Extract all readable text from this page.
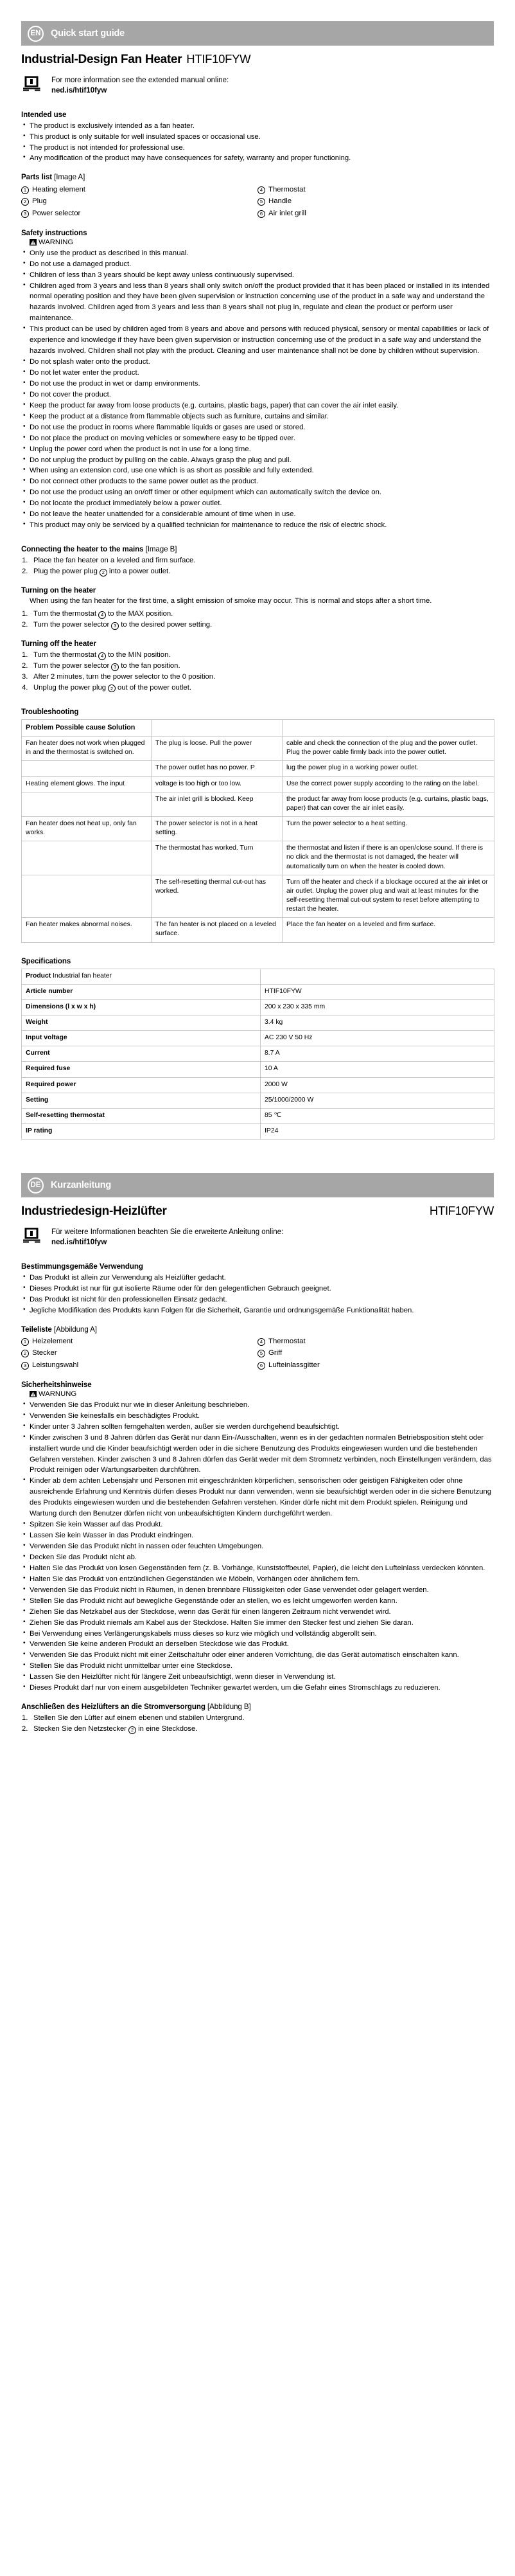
EN	Quick start guide
Industrial-Design Fan Heater HTIF10FYW
For more information see the extended manual online:
ned.is/htif10fyw
Intended use
• The product is exclusively intended as a fan heater.
• This product is only suitable for well insulated spaces or occasional use.
• The product is not intended for professional use.
• Any modification of the product may have consequences for safety, warranty and proper functioning.
Parts list [Image A]
1 Heating element	4 Thermostat
2 Plug	5 Handle
3 Power selector	6 Air inlet grill
Safety instructions
WARNING
• Only use the product as described in this manual.
• Do not use a damaged product.
• Children of less than 3 years should be kept away unless continuously supervised.
• Children aged from 3 years and less than 8 years shall only switch on/off the product provided that it has been placed or installed in its intended normal operating position and they have been given supervision or instruction concerning use of the product in a safe way and understand the hazards involved. Children aged from 3 years and less than 8 years shall not plug in, regulate and clean the product or perform user maintenance.
• This product can be used by children aged from 8 years and above and persons with reduced physical, sensory or mental capabilities or lack of experience and knowledge if they have been given supervision or instruction concerning use of the product in a safe way and understand the hazards involved. Children shall not play with the product. Cleaning and user maintenance shall not be done by children without supervision.
• Do not splash water onto the product.
• Do not let water enter the product.
• Do not use the product in wet or damp environments.
• Do not cover the product.
• Keep the product far away from loose products (e.g. curtains, plastic bags, paper) that can cover the air inlet easily.
• Keep the product at a distance from flammable objects such as furniture, curtains and similar.
• Do not use the product in rooms where flammable liquids or gases are used or stored.
• Do not place the product on moving vehicles or somewhere easy to be tipped over.
• Unplug the power cord when the product is not in use for a long time.
• Do not unplug the product by pulling on the cable. Always grasp the plug and pull.
• When using an extension cord, use one which is as short as possible and fully extended.
• Do not connect other products to the same power outlet as the product.
• Do not use the product using an on/off timer or other equipment which can automatically switch the device on.
• Do not locate the product immediately below a power outlet.
• Do not leave the heater unattended for a considerable amount of time when in use.
• This product may only be serviced by a qualified technician for maintenance to reduce the risk of electric shock.
Connecting the heater to the mains [Image B]
Place the fan heater on a leveled and firm surface.
Plug the power plug 2 into a power outlet.
Turning on the heater
When using the fan heater for the first time, a slight emission of smoke may occur. This is normal and stops after a short time.
Turn the thermostat 4 to the MAX position.
Turn the power selector 3 to the desired power setting.
Turning off the heater
Turn the thermostat 4 to the MIN position.
Turn the power selector 3 to the fan position.
After 2 minutes, turn the power selector to the 0 position.
Unplug the power plug 2 out of the power outlet.
Troubleshooting
Problem Possible cause Solution		
Fan heater does not work when plugged in and the thermostat is switched on.	The plug is loose. Pull the power	cable and check the connection of the plug and the power outlet. Plug the power cable firmly back into the power outlet.
	The power outlet has no power. P	lug the power plug in a working power outlet.
Heating element glows. The input	voltage is too high or too low.	Use the correct power supply according to the rating on the label.
	The air inlet grill is blocked. Keep	the product far away from loose products (e.g. curtains, plastic bags, paper) that can cover the air inlet easily.
Fan heater does not heat up, only fan works.	The power selector is not in a heat setting.	Turn the power selector to a heat setting.
	The thermostat has worked. Turn	the thermostat and listen if there is an open/close sound. If there is no click and the thermostat is not damaged, the heater will automatically turn on when the heater is cooled down.
	The self-resetting thermal cut-out has worked.	Turn off the heater and check if a blockage occured at the air inlet or air outlet. Unplug the power plug and wait at least minutes for the self-resetting thermal cut-out system to reset before attempting to restart the heater.
Fan heater makes abnormal noises.	The fan heater is not placed on a leveled surface.	Place the fan heater on a leveled and firm surface.
Specifications
Product Industrial fan heater	
Article number	HTIF10FYW
Dimensions (l x w x h)	200 x 230 x 335 mm
Weight	3.4 kg
Input voltage	AC 230 V 50 Hz
Current	8.7 A
Required fuse	10 A
Required power	2000 W
Setting	25/1000/2000 W
Self-resetting thermostat	85 ℃
IP rating	IP24
DE	Kurzanleitung
Industriedesign-Heizlüfter	HTIF10FYW
Für weitere Informationen beachten Sie die erweiterte Anleitung online:
ned.is/htif10fyw
Bestimmungsgemäße Verwendung
• Das Produkt ist allein zur Verwendung als Heizlüfter gedacht.
• Dieses Produkt ist nur für gut isolierte Räume oder für den gelegentlichen Gebrauch geeignet.
• Das Produkt ist nicht für den professionellen Einsatz gedacht.
• Jegliche Modifikation des Produkts kann Folgen für die Sicherheit, Garantie und ordnungsgemäße Funktionalität haben.
Teileliste [Abbildung A]
1 Heizelement	4 Thermostat
2 Stecker	5 Griff
3 Leistungswahl	6 Lufteinlassgitter
Sicherheitshinweise
WARNUNG
• Verwenden Sie das Produkt nur wie in dieser Anleitung beschrieben.
• Verwenden Sie keinesfalls ein beschädigtes Produkt.
• Kinder unter 3 Jahren sollten ferngehalten werden, außer sie werden durchgehend beaufsichtigt.
• Kinder zwischen 3 und 8 Jahren dürfen das Gerät nur dann Ein-/Ausschalten, wenn es in der gedachten normalen Betriebsposition steht oder installiert wurde und die Kinder beaufsichtigt werden oder in die sichere Benutzung des Produkts eingewiesen wurden und die bestehenden Gefahren verstehen. Kinder zwischen 3 und 8 Jahren dürfen das Gerät weder mit dem Stromnetz verbinden, noch Einstellungen verändern, das Produkt reinigen oder Wartungsarbeiten durchführen.
• Kinder ab dem achten Lebensjahr und Personen mit eingeschränkten körperlichen, sensorischen oder geistigen Fähigkeiten oder ohne ausreichende Erfahrung und Kenntnis dürfen dieses Produkt nur dann verwenden, wenn sie beaufsichtigt werden oder in die sichere Benutzung des Produkts eingewiesen wurden und die bestehenden Gefahren verstehen. Kinder dürfe nicht mit dem Produkt spielen. Reinigung und Wartung durch den Benutzer dürfen nicht von unbeaufsichtigten Kindern durchgeführt werden.
• Spitzen Sie kein Wasser auf das Produkt.
• Lassen Sie kein Wasser in das Produkt eindringen.
• Verwenden Sie das Produkt nicht in nassen oder feuchten Umgebungen.
• Decken Sie das Produkt nicht ab.
• Halten Sie das Produkt von losen Gegenständen fern (z. B. Vorhänge, Kunststoffbeutel, Papier), die leicht den Lufteinlass verdecken könnten.
• Halten Sie das Produkt von entzündlichen Gegenständen wie Möbeln, Vorhängen oder ähnlichem fern.
• Verwenden Sie das Produkt nicht in Räumen, in denen brennbare Flüssigkeiten oder Gase verwendet oder gelagert werden.
• Stellen Sie das Produkt nicht auf bewegliche Gegenstände oder an stellen, wo es leicht umgeworfen werden kann.
• Ziehen Sie das Netzkabel aus der Steckdose, wenn das Gerät für einen längeren Zeitraum nicht verwendet wird.
• Ziehen Sie das Produkt niemals am Kabel aus der Steckdose. Halten Sie immer den Stecker fest und ziehen Sie daran.
• Bei Verwendung eines Verlängerungskabels muss dieses so kurz wie möglich und vollständig abgerollt sein.
• Verwenden Sie keine anderen Produkt an derselben Steckdose wie das Produkt.
• Verwenden Sie das Produkt nicht mit einer Zeitschaltuhr oder einer anderen Vorrichtung, die das Gerät automatisch einschalten kann.
• Stellen Sie das Produkt nicht unmittelbar unter eine Steckdose.
• Lassen Sie den Heizlüfter nicht für längere Zeit unbeaufsichtigt, wenn dieser in Verwendung ist.
• Dieses Produkt darf nur von einem ausgebildeten Techniker gewartet werden, um die Gefahr eines Stromschlags zu reduzieren.
Anschließen des Heizlüfters an die Stromversorgung [Abbildung B]
Stellen Sie den Lüfter auf einem ebenen und stabilen Untergrund.
Stecken Sie den Netzstecker 2 in eine Steckdose.
